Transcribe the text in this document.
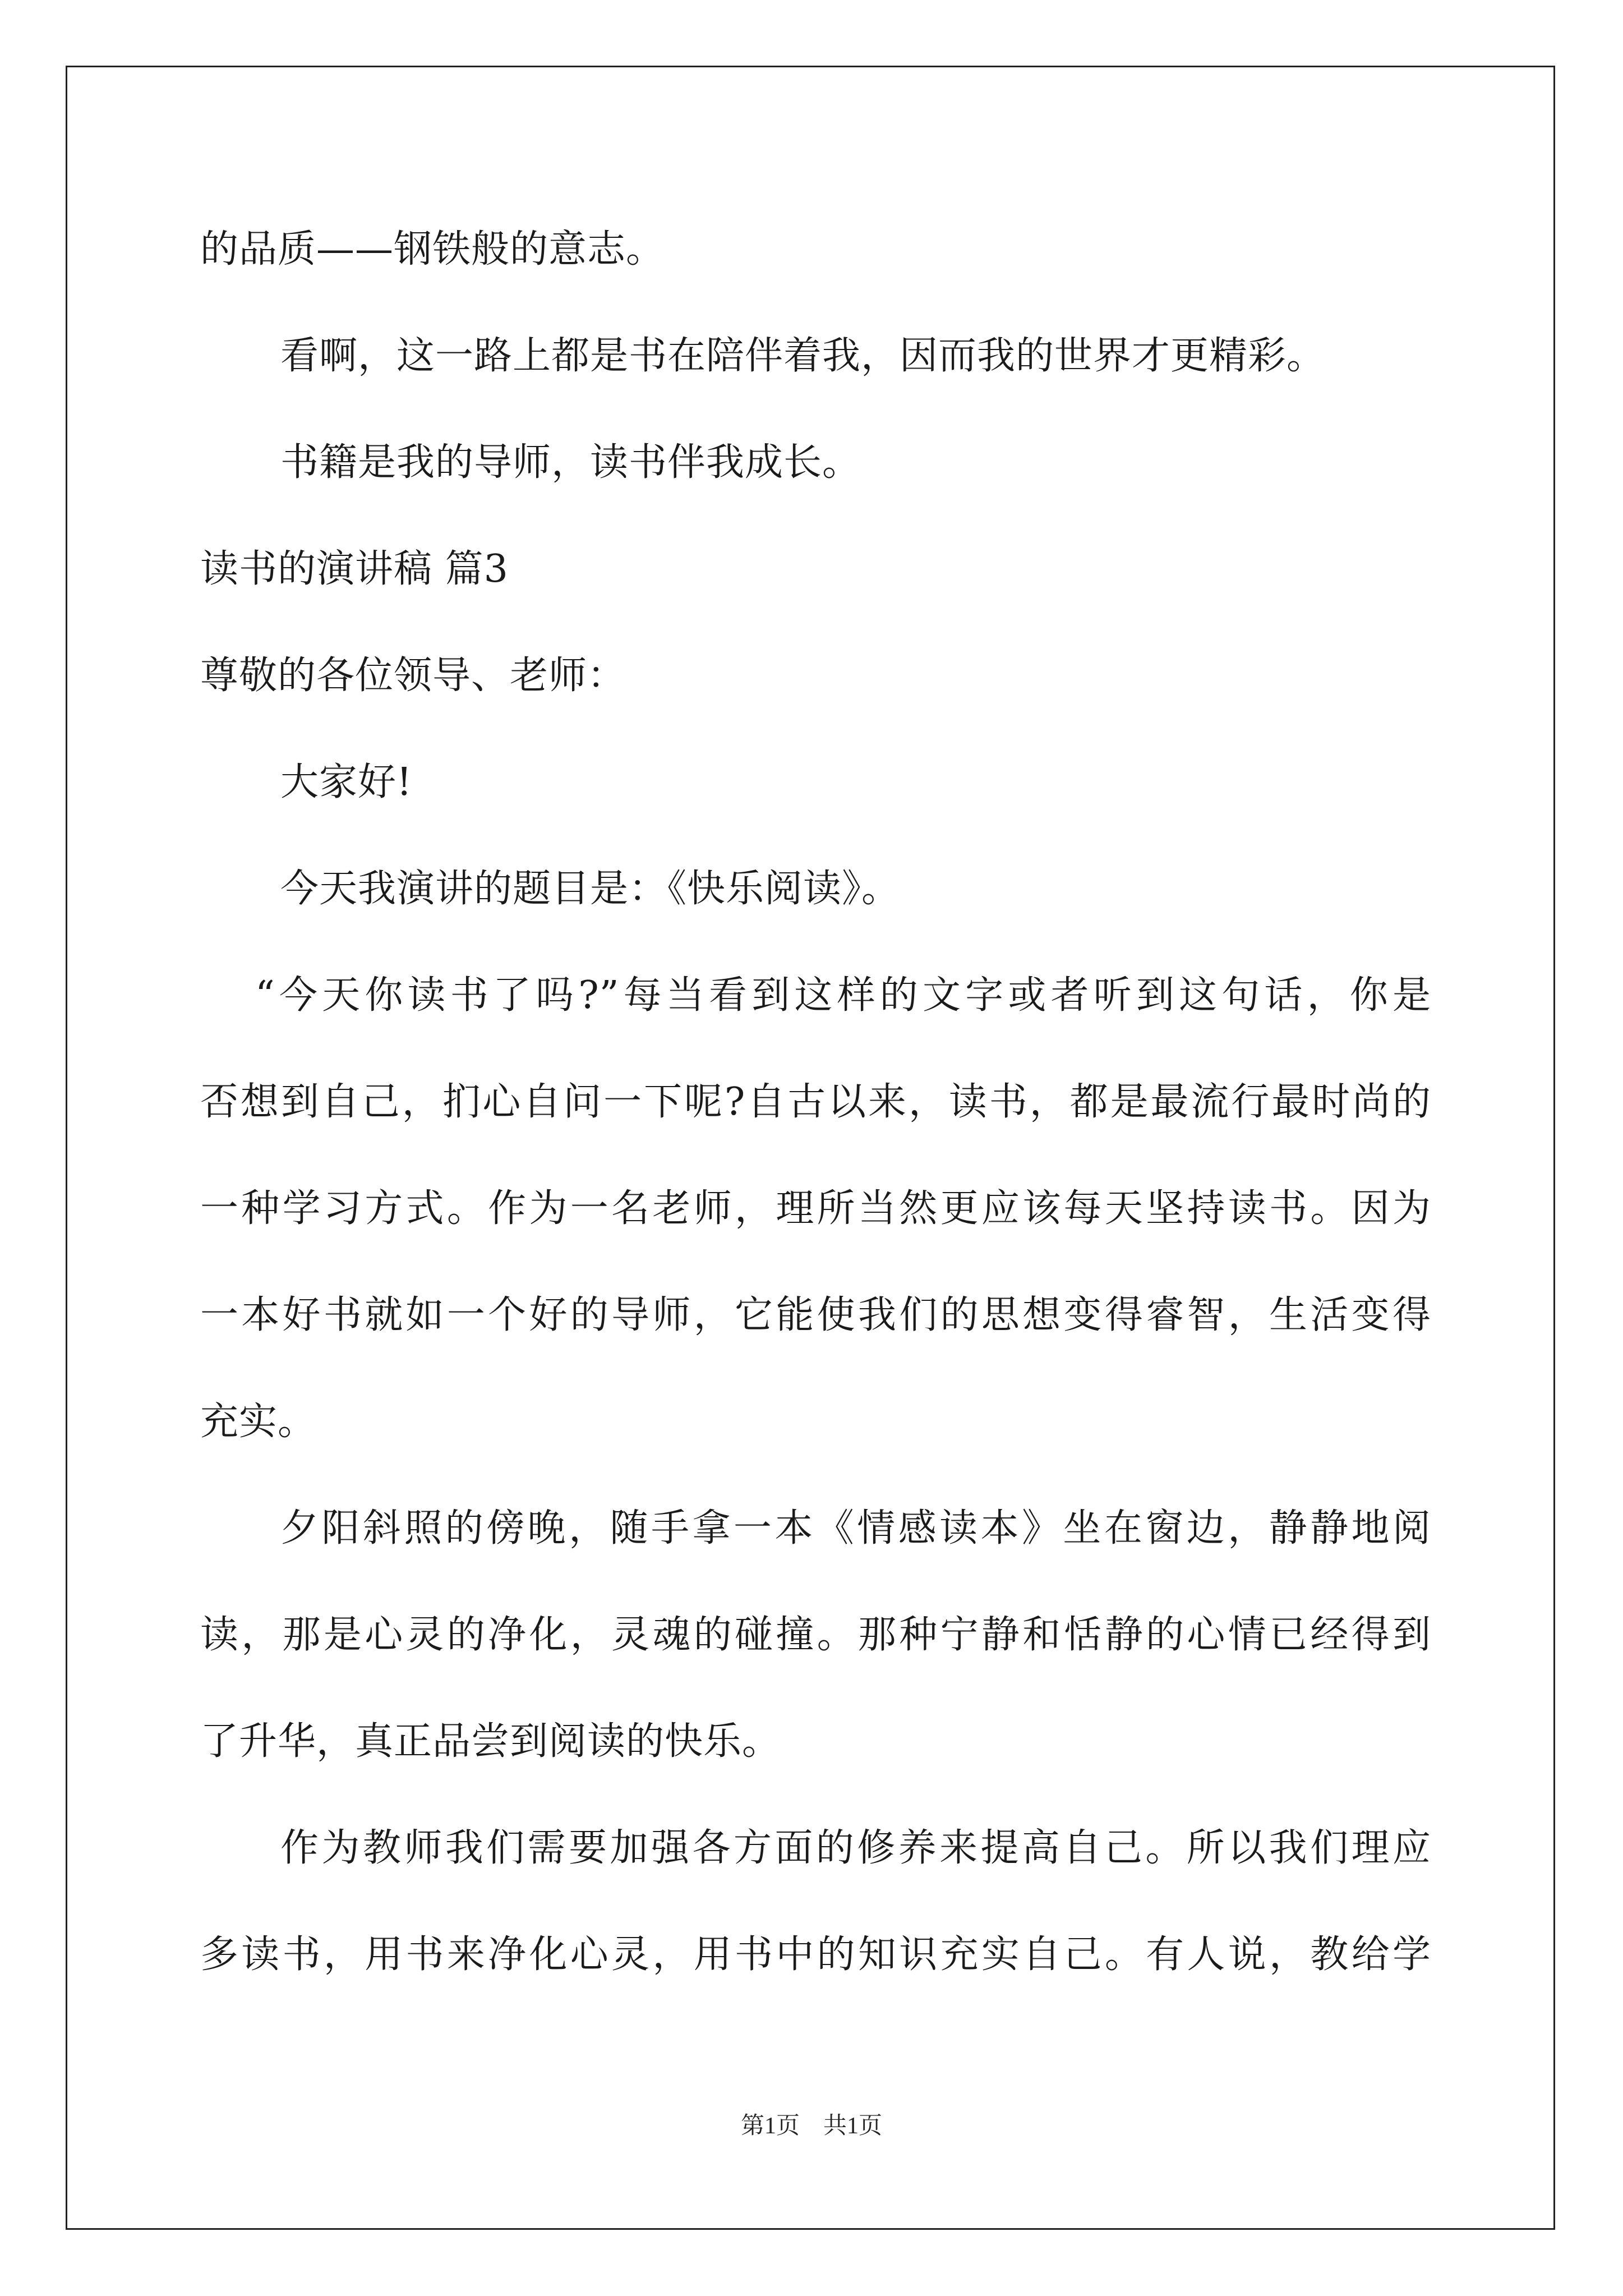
的品质——钢铁般的意志。
看啊，这一路上都是书在陪伴着我，因而我的世界才更精彩。
书籍是我的导师，读书伴我成长。
读书的演讲稿 篇3
尊敬的各位领导、老师：
大家好!
今天我演讲的题目是：《快乐阅读》。
“今天你读书了吗?”每当看到这样的文字或者听到这句话，你是
否想到自己，扪心自问一下呢?自古以来，读书，都是最流行最时尚的
一种学习方式。作为一名老师，理所当然更应该每天坚持读书。因为
一本好书就如一个好的导师，它能使我们的思想变得睿智，生活变得
充实。
夕阳斜照的傍晚，随手拿一本《情感读本》坐在窗边，静静地阅
读，那是心灵的净化，灵魂的碰撞。那种宁静和恬静的心情已经得到
了升华，真正品尝到阅读的快乐。
作为教师我们需要加强各方面的修养来提高自己。所以我们理应
多读书，用书来净化心灵，用书中的知识充实自己。有人说，教给学
第1页　共1页
